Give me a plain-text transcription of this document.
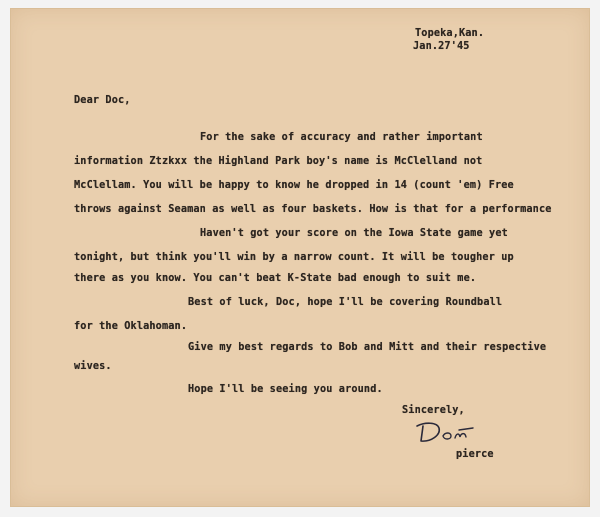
Topeka,Kan.
Jan.27'45
Dear Doc,
For the sake of accuracy and rather important
information Ztzkxx the Highland Park boy's name is McClelland not
McClellam. You will be happy to know he dropped in 14 (count 'em) Free
throws against Seaman as well as four baskets. How is that for a performance
Haven't got your score on the Iowa State game yet
tonight, but think you'll win by a narrow count. It will be tougher up
there as you know. You can't beat K-State bad enough to suit me.
Best of luck, Doc, hope I'll be covering Roundball
for the Oklahoman.
Give my best regards to Bob and Mitt and their respective
wives.
Hope I'll be seeing you around.
Sincerely,
pierce
